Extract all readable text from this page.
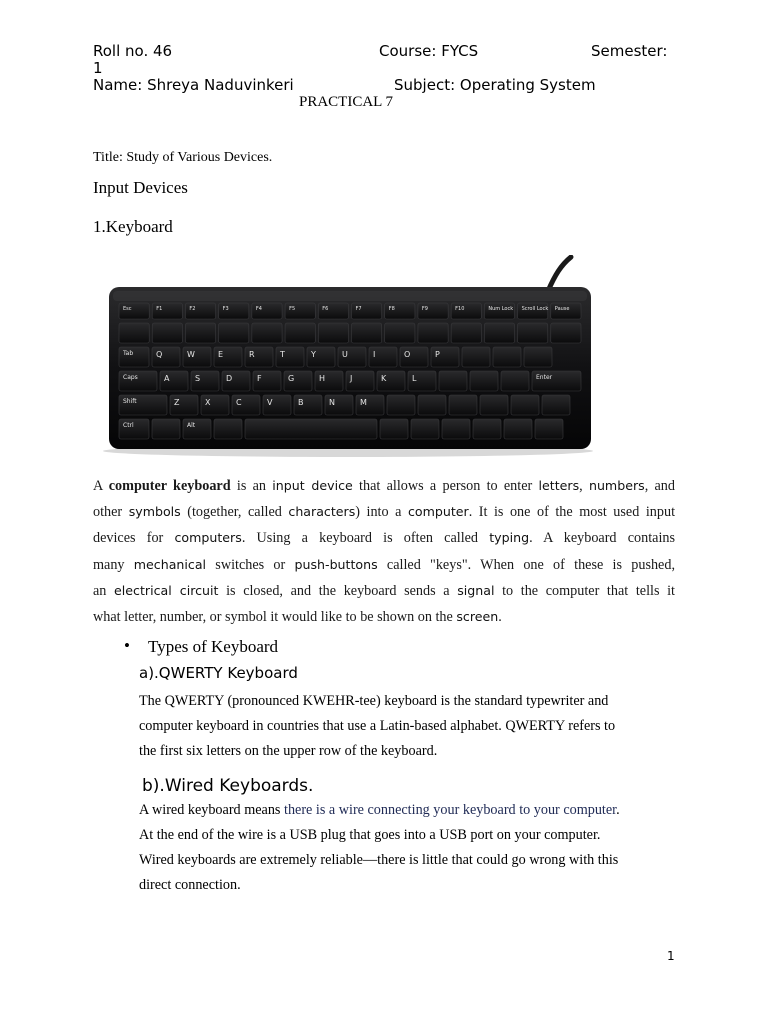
Roll no. 46	Course: FYCS	Semester:
1
Name: Shreya Naduvinkeri	Subject: Operating System
PRACTICAL 7
Title: Study of Various Devices.
Input Devices
1.Keyboard
Esc	F1	F2	F3	F4	F5	F6	F7	F8	F9	F10	Num Lock Scroll Lock Pause
Tab	Q	W	E	R	T	Y	U	I	O	P
Caps	A	S	D	F	G	H	J	K	L	Enter
Shift	Z	X	C	V	B	N	M
Ctrl	Alt
A computer keyboard is an input device that allows a person to enter letters, numbers, and
other symbols (together, called characters) into a computer. It is one of the most used input
devices for computers. Using a keyboard is often called typing. A keyboard contains
many mechanical switches or push-buttons called "keys". When one of these is pushed,
an electrical circuit is closed, and the keyboard sends a signal to the computer that tells it
what letter, number, or symbol it would like to be shown on the screen.
• Types of Keyboard
a).QWERTY Keyboard
The QWERTY (pronounced KWEHR-tee) keyboard is the standard typewriter and
computer keyboard in countries that use a Latin-based alphabet. QWERTY refers to
the first six letters on the upper row of the keyboard.
b).Wired Keyboards.
A wired keyboard means there is a wire connecting your keyboard to your computer.
At the end of the wire is a USB plug that goes into a USB port on your computer.
Wired keyboards are extremely reliable—there is little that could go wrong with this
direct connection.
1
